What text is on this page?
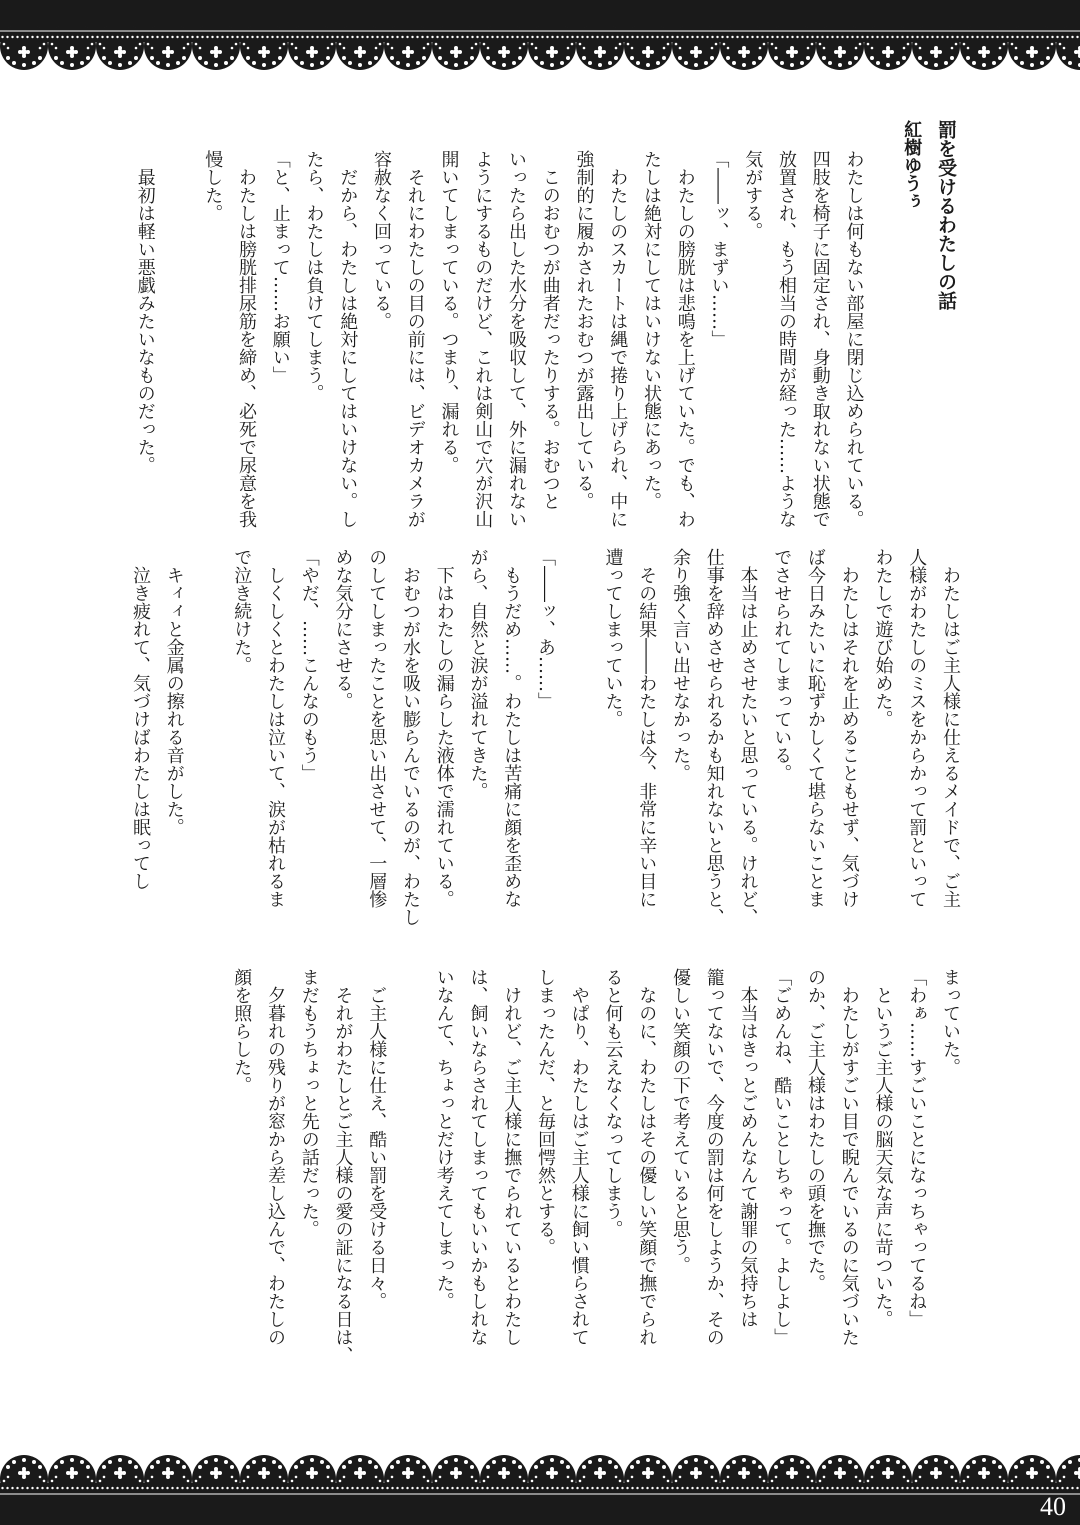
罰を受けるわたしの話
紅樹ゆうぅ
わたしは何もない部屋に閉じ込められている。
四肢を椅子に固定され、身動き取れない状態で
放置され、もう相当の時間が経った……ような
気がする。
「――ッ、まずい……」
　わたしの膀胱は悲鳴を上げていた。でも、わ
たしは絶対にしてはいけない状態にあった。
　わたしのスカートは縄で捲り上げられ、中に
強制的に履かされたおむつが露出している。
　このおむつが曲者だったりする。おむつと
いったら出した水分を吸収して、外に漏れない
ようにするものだけど、これは剣山で穴が沢山
開いてしまっている。つまり、漏れる。
　それにわたしの目の前には、ビデオカメラが
容赦なく回っている。
　だから、わたしは絶対にしてはいけない。し
たら、わたしは負けてしまう。
「と、止まって……お願い」
　わたしは膀胱排尿筋を締め、必死で尿意を我
慢した。
　最初は軽い悪戯みたいなものだった。
　わたしはご主人様に仕えるメイドで、ご主
人様がわたしのミスをからかって罰といって
わたしで遊び始めた。
　わたしはそれを止めることもせず、気づけ
ば今日みたいに恥ずかしくて堪らないことま
でさせられてしまっている。
　本当は止めさせたいと思っている。けれど、
仕事を辞めさせられるかも知れないと思うと、
余り強く言い出せなかった。
　その結果――わたしは今、非常に辛い目に
遭ってしまっていた。
「――ッ、あ……」
　もうだめ……。わたしは苦痛に顔を歪めな
がら、自然と涙が溢れてきた。
　下はわたしの漏らした液体で濡れている。
　おむつが水を吸い膨らんでいるのが、わたし
のしてしまったことを思い出させて、一層惨
めな気分にさせる。
「やだ、……こんなのもう」
　しくしくとわたしは泣いて、涙が枯れるま
で泣き続けた。
　キィィと金属の擦れる音がした。
　泣き疲れて、気づけばわたしは眠ってし
まっていた。
「わぁ……すごいことになっちゃってるね」
　というご主人様の脳天気な声に苛ついた。
　わたしがすごい目で睨んでいるのに気づいた
のか、ご主人様はわたしの頭を撫でた。
「ごめんね、酷いことしちゃって。よしよし」
　本当はきっとごめんなんて謝罪の気持ちは
籠ってないで、今度の罰は何をしようか、その
優しい笑顔の下で考えていると思う。
　なのに、わたしはその優しい笑顔で撫でられ
ると何も云えなくなってしまう。
　やぱり、わたしはご主人様に飼い慣らされて
しまったんだ、と毎回愕然とする。
　けれど、ご主人様に撫でられているとわたし
は、飼いならされてしまってもいいかもしれな
いなんて、ちょっとだけ考えてしまった。
　ご主人様に仕え、酷い罰を受ける日々。
　それがわたしとご主人様の愛の証になる日は、
まだもうちょっと先の話だった。
　夕暮れの残りが窓から差し込んで、わたしの
顔を照らした。
40
